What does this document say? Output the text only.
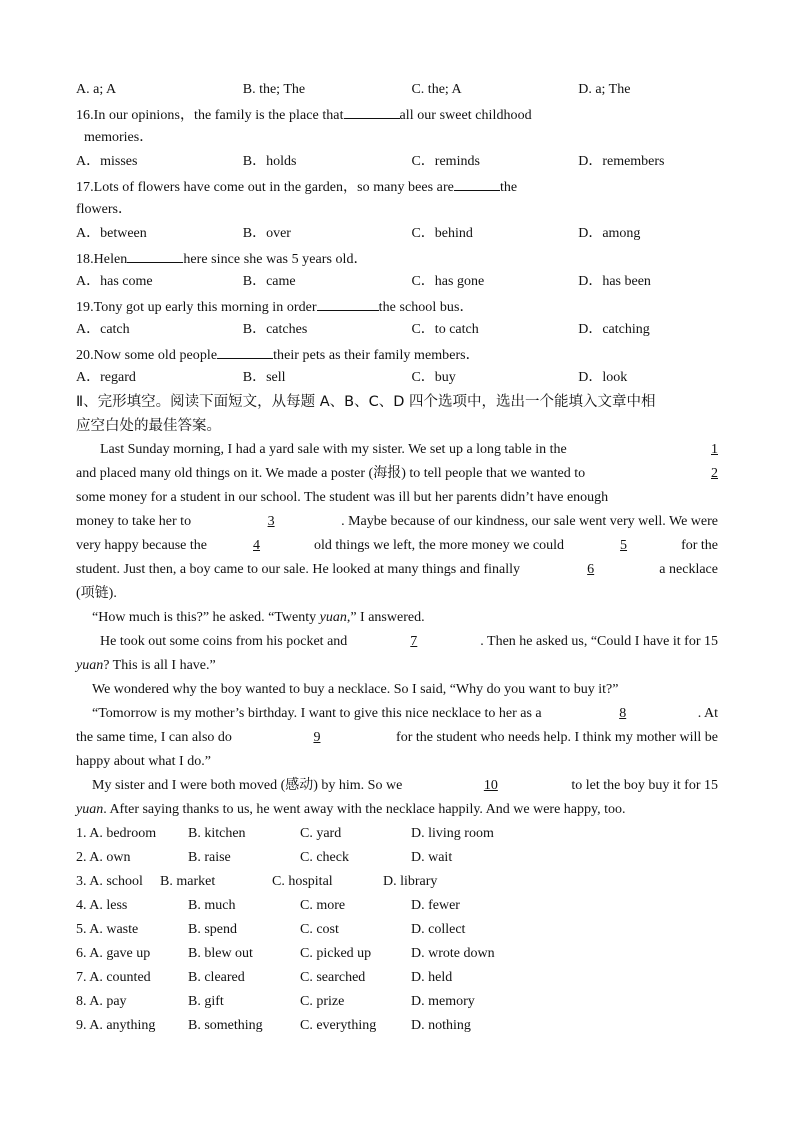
A. a; A	B. the; The	C. the; A	D. a; The
16.In our opinions，the family is the place that	all our sweet childhood
memories．
A．misses	B．holds	C．reminds	D．remembers
17.Lots of flowers have come out in the garden，so many bees are	the
flowers．
A．between	B．over	C．behind	D．among
18.Helen	here since she was 5 years old．
A．has come	B．came	C．has gone	D．has been
19.Tony got up early this morning in order	the school bus．
A．catch	B．catches	C．to catch	D．catching
20.Now some old people	their pets as their family members．
A．regard	B．sell	C．buy	D．look
Ⅱ、完形填空。阅读下面短文，从每题 A、B、C、D 四个选项中，选出一个能填入文章中相
应空白处的最佳答案。
Last Sunday morning, I had a yard sale with my sister. We set up a long table in the	1
and placed many old things on it. We made a poster (海报) to tell people that we wanted to	2
some money for a student in our school. The student was ill but her parents didn’t have enough
money to take her to	3	. Maybe because of our kindness, our sale went very well. We were
very happy because the	4	old things we left, the more money we could	5	for the
student. Just then, a boy came to our sale. He looked at many things and finally	6	a necklace
(项链).
“How much is this?” he asked. “Twenty yuan,” I answered.
He took out some coins from his pocket and	7	. Then he asked us, “Could I have it for 15
yuan? This is all I have.”
We wondered why the boy wanted to buy a necklace. So I said, “Why do you want to buy it?”
“Tomorrow is my mother’s birthday. I want to give this nice necklace to her as a	8	. At
the same time, I can also do	9	for the student who needs help. I think my mother will be
happy about what I do.”
My sister and I were both moved (感动) by him. So we	10	to let the boy buy it for 15
yuan. After saying thanks to us, he went away with the necklace happily. And we were happy, too.
1. A. bedroom B. kitchen	C. yard	D. living room
2. A. own	B. raise	C. check	D. wait
3. A. school B. market	C. hospital	D. library
4. A. less	B. much	C. more	D. fewer
5. A. waste	B. spend	C. cost	D. collect
6. A. gave up	B. blew out	C. picked up	D. wrote down
7. A. counted	B. cleared	C. searched	D. held
8. A. pay	B. gift	C. prize	D. memory
9. A. anything B. something	C. everything D. nothing
